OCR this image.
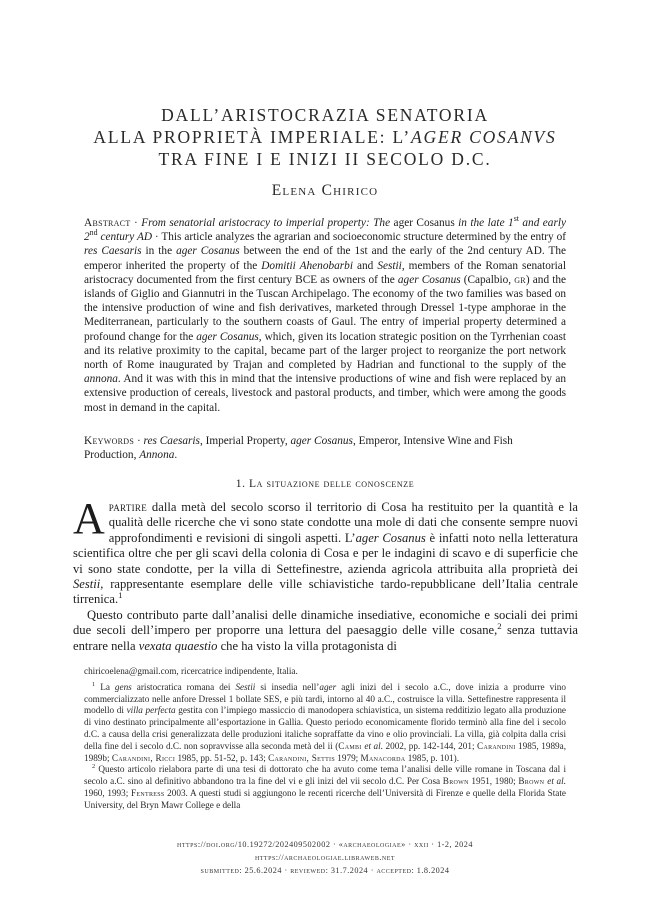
DALL’ARISTOCRAZIA SENATORIA
ALLA PROPRIETÀ IMPERIALE: L’AGER COSANVS
TRA FINE I E INIZI II SECOLO D.C.
Elena Chirico
Abstract · From senatorial aristocracy to imperial property: The ager Cosanus in the late 1st and early 2nd century AD · This article analyzes the agrarian and socioeconomic structure determined by the entry of res Caesaris in the ager Cosanus between the end of the 1st and the early of the 2nd century AD. The emperor inherited the property of the Domitii Ahenobarbi and Sestii, members of the Roman senatorial aristocracy documented from the first century BCE as owners of the ager Cosanus (Capalbio, gr) and the islands of Giglio and Giannutri in the Tuscan Archipelago. The economy of the two families was based on the intensive production of wine and fish derivatives, marketed through Dressel 1-type amphorae in the Mediterranean, particularly to the southern coasts of Gaul. The entry of imperial property determined a profound change for the ager Cosanus, which, given its location strategic position on the Tyrrhenian coast and its relative proximity to the capital, became part of the larger project to reorganize the port network north of Rome inaugurated by Trajan and completed by Hadrian and functional to the supply of the annona. And it was with this in mind that the intensive productions of wine and fish were replaced by an extensive production of cereals, livestock and pastoral products, and timber, which were among the goods most in demand in the capital.
Keywords · res Caesaris, Imperial Property, ager Cosanus, Emperor, Intensive Wine and Fish Production, Annona.
1. La situazione delle conoscenze

Apartire dalla metà del secolo scorso il territorio di Cosa ha restituito per la quantità e la qualità delle ricerche che vi sono state condotte una mole di dati che consente sempre nuovi approfondimenti e revisioni di singoli aspetti. L’ager Cosanus è infatti noto nella letteratura scientifica oltre che per gli scavi della colonia di Cosa e per le indagini di scavo e di superficie che vi sono state condotte, per la villa di Settefinestre, azienda agricola attribuita alla proprietà dei Sestii, rappresentante esemplare delle ville schiavistiche tardo-repubblicane dell’Italia centrale tirrenica.$^1$

Questo contributo parte dall’analisi delle dinamiche insediative, economiche e sociali dei primi due secoli dell’impero per proporre una lettura del paesaggio delle ville cosane,$^2$ senza tuttavia entrare nella vexata quaestio che ha visto la villa protagonista di

chiricoelena@gmail.com, ricercatrice indipendente, Italia.

$^1$ La gens aristocratica romana dei Sestii si insedia nell’ager agli inizi del i secolo a.C., dove inizia a produrre vino commercializzato nelle anfore Dressel 1 bollate SES, e più tardi, intorno al 40 a.C., costruisce la villa. Settefinestre rappresenta il modello di villa perfecta gestita con l’impiego massiccio di manodopera schiavistica, un sistema redditizio legato alla produzione di vino destinato principalmente all’esportazione in Gallia. Questo periodo economicamente florido terminò alla fine del i secolo d.C. a causa della crisi generalizzata delle produzioni italiche sopraffatte da vino e olio provinciali. La villa, già colpita dalla crisi della fine del i secolo d.C. non sopravvisse alla seconda metà del ii (Cambi et al. 2002, pp. 142-144, 201; Carandini 1985, 1989a, 1989b; Carandini, Ricci 1985, pp. 51-52, p. 143; Carandini, Settis 1979; Manacorda 1985, p. 101).

$^2$ Questo articolo rielabora parte di una tesi di dottorato che ha avuto come tema l’analisi delle ville romane in Toscana dal i secolo a.C. sino al definitivo abbandono tra la fine del vi e gli inizi del vii secolo d.C. Per Cosa Brown 1951, 1980; Brown et al. 1960, 1993; Fentress 2003. A questi studi si aggiungono le recenti ricerche dell’Università di Firenze e quelle della Florida State University, del Bryn Mawr College e della

https://doi.org/10.19272/202409502002 · «archaeologiae» · xxii · 1-2, 2024
https://archaeologiae.libraweb.net
submitted: 25.6.2024 · reviewed: 31.7.2024 · accepted: 1.8.2024
